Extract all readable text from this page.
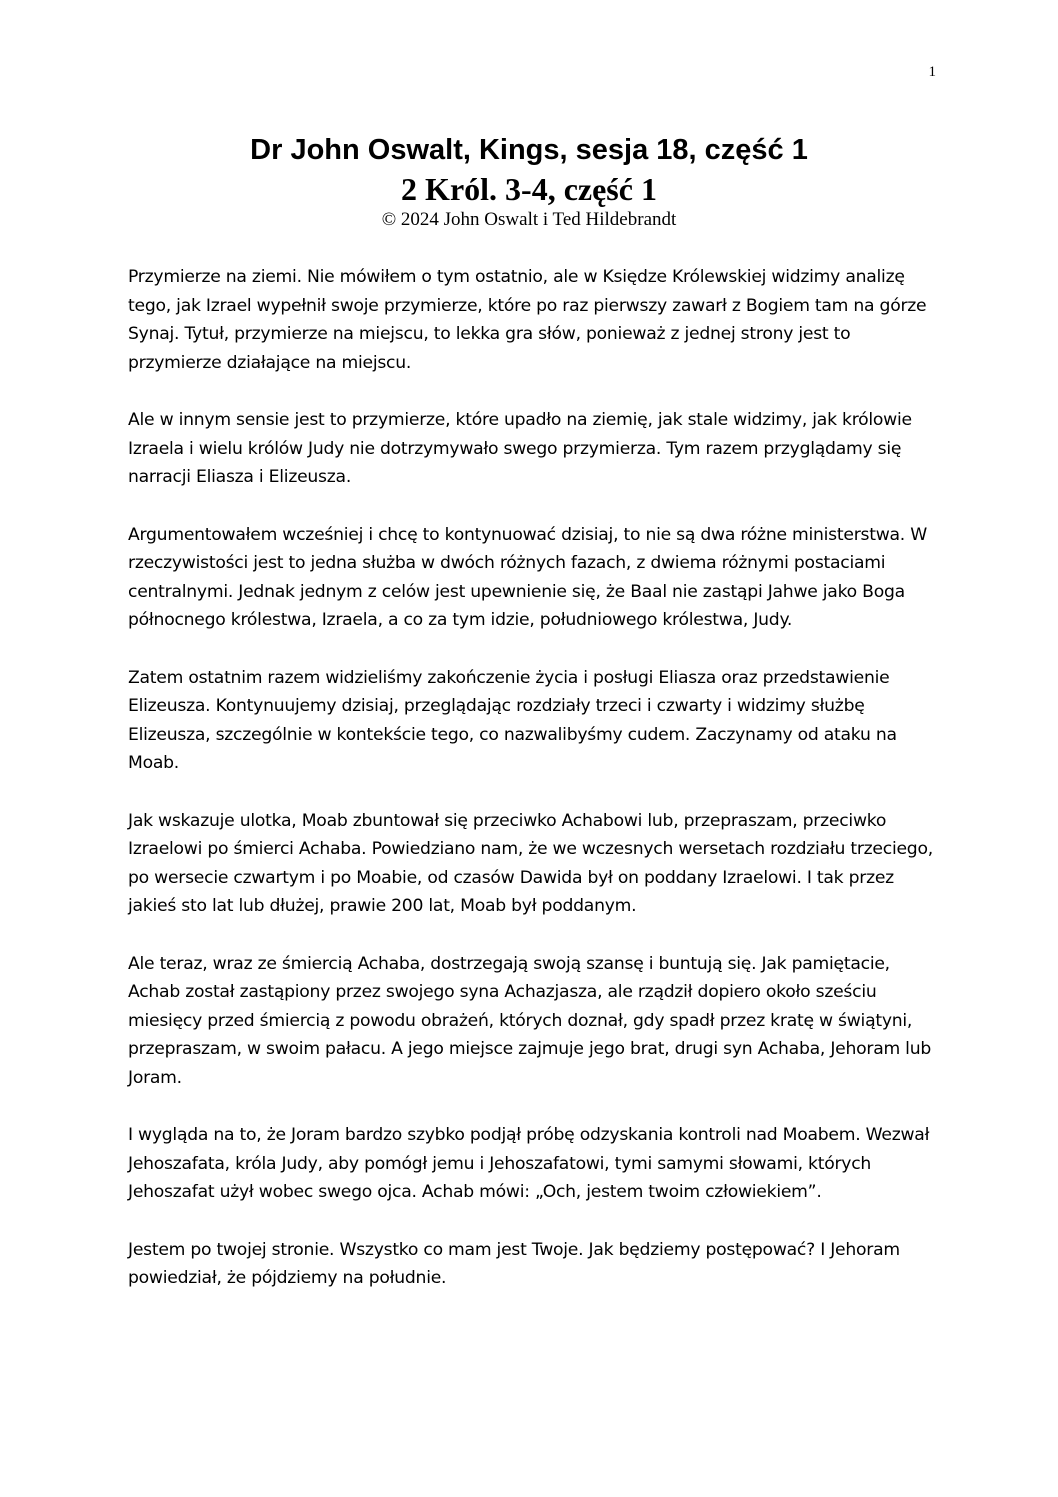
1
Dr John Oswalt, Kings, sesja 18, część 1
2 Król. 3-4, część 1
© 2024 John Oswalt i Ted Hildebrandt

Przymierze na ziemi. Nie mówiłem o tym ostatnio, ale w Księdze Królewskiej widzimy analizę tego, jak Izrael wypełnił swoje przymierze, które po raz pierwszy zawarł z Bogiem tam na górze Synaj. Tytuł, przymierze na miejscu, to lekka gra słów, ponieważ z jednej strony jest to przymierze działające na miejscu.

Ale w innym sensie jest to przymierze, które upadło na ziemię, jak stale widzimy, jak królowie Izraela i wielu królów Judy nie dotrzymywało swego przymierza. Tym razem przyglądamy się narracji Eliasza i Elizeusza.

Argumentowałem wcześniej i chcę to kontynuować dzisiaj, to nie są dwa różne ministerstwa. W rzeczywistości jest to jedna służba w dwóch różnych fazach, z dwiema różnymi postaciami centralnymi. Jednak jednym z celów jest upewnienie się, że Baal nie zastąpi Jahwe jako Boga północnego królestwa, Izraela, a co za tym idzie, południowego królestwa, Judy.

Zatem ostatnim razem widzieliśmy zakończenie życia i posługi Eliasza oraz przedstawienie Elizeusza. Kontynuujemy dzisiaj, przeglądając rozdziały trzeci i czwarty i widzimy służbę Elizeusza, szczególnie w kontekście tego, co nazwalibyśmy cudem. Zaczynamy od ataku na Moab.

Jak wskazuje ulotka, Moab zbuntował się przeciwko Achabowi lub, przepraszam, przeciwko Izraelowi po śmierci Achaba. Powiedziano nam, że we wczesnych wersetach rozdziału trzeciego, po wersecie czwartym i po Moabie, od czasów Dawida był on poddany Izraelowi. I tak przez jakieś sto lat lub dłużej, prawie 200 lat, Moab był poddanym.

Ale teraz, wraz ze śmiercią Achaba, dostrzegają swoją szansę i buntują się. Jak pamiętacie, Achab został zastąpiony przez swojego syna Achazjasza, ale rządził dopiero około sześciu miesięcy przed śmiercią z powodu obrażeń, których doznał, gdy spadł przez kratę w świątyni, przepraszam, w swoim pałacu. A jego miejsce zajmuje jego brat, drugi syn Achaba, Jehoram lub Joram.

I wygląda na to, że Joram bardzo szybko podjął próbę odzyskania kontroli nad Moabem. Wezwał Jehoszafata, króla Judy, aby pomógł jemu i Jehoszafatowi, tymi samymi słowami, których Jehoszafat użył wobec swego ojca. Achab mówi: „Och, jestem twoim człowiekiem”.

Jestem po twojej stronie. Wszystko co mam jest Twoje. Jak będziemy postępować? I Jehoram powiedział, że pójdziemy na południe.
